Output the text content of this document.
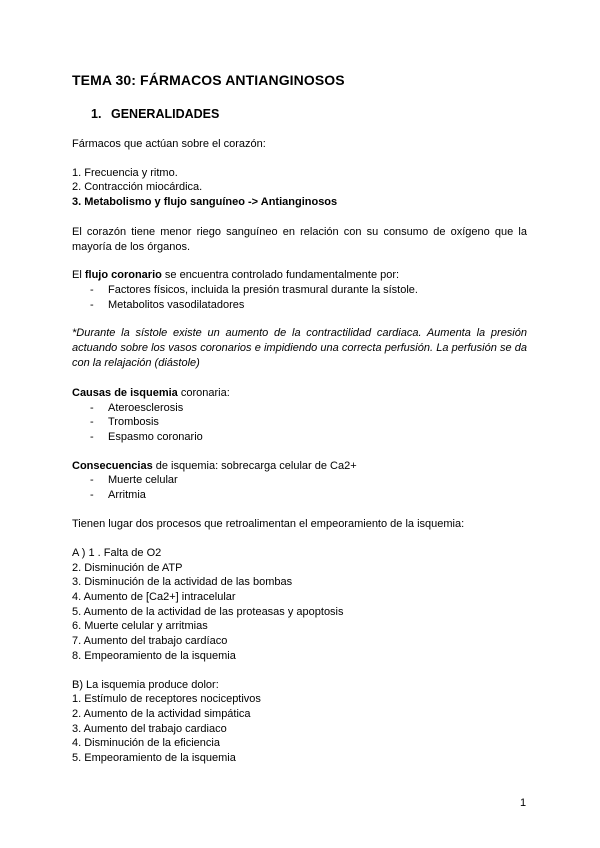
TEMA 30: FÁRMACOS ANTIANGINOSOS
1. GENERALIDADES
Fármacos que actúan sobre el corazón:
1. Frecuencia y ritmo.
2. Contracción miocárdica.
3. Metabolismo y flujo sanguíneo -> Antianginosos
El corazón tiene menor riego sanguíneo en relación con su consumo de oxígeno que la mayoría de los órganos.
El flujo coronario se encuentra controlado fundamentalmente por:
- Factores físicos, incluida la presión trasmural durante la sístole.
- Metabolitos vasodilatadores
*Durante la sístole existe un aumento de la contractilidad cardiaca. Aumenta la presión actuando sobre los vasos coronarios e impidiendo una correcta perfusión. La perfusión se da con la relajación (diástole)
Causas de isquemia coronaria:
- Ateroesclerosis
- Trombosis
- Espasmo coronario
Consecuencias de isquemia: sobrecarga celular de Ca2+
- Muerte celular
- Arritmia
Tienen lugar dos procesos que retroalimentan el empeoramiento de la isquemia:
A ) 1 . Falta de O2
2. Disminución de ATP
3. Disminución de la actividad de las bombas
4. Aumento de [Ca2+] intracelular
5. Aumento de la actividad de las proteasas y apoptosis
6. Muerte celular y arritmias
7. Aumento del trabajo cardíaco
8. Empeoramiento de la isquemia
B) La isquemia produce dolor:
1. Estímulo de receptores nociceptivos
2. Aumento de la actividad simpática
3. Aumento del trabajo cardiaco
4. Disminución de la eficiencia
5. Empeoramiento de la isquemia
1
